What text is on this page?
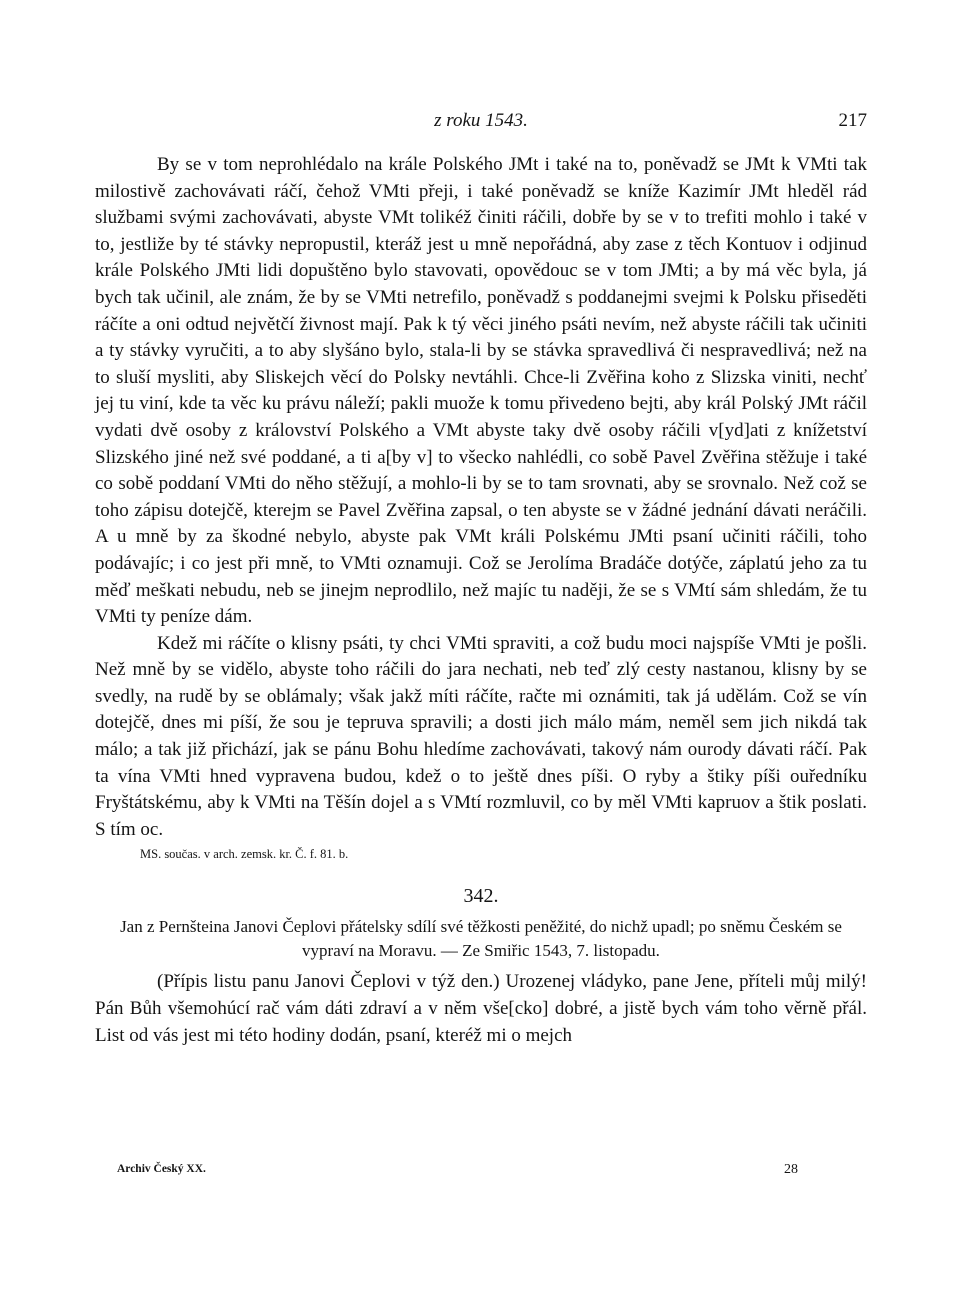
z roku 1543.	217

By se v tom neprohlédalo na krále Polského JMt i také na to, poněvadž se JMt k VMti tak milostivě zachovávati ráčí, čehož VMti přeji, i také poněvadž se kníže Kazimír JMt hleděl rád službami svými zachovávati, abyste VMt tolikéž činiti ráčili, dobře by se v to trefiti mohlo i také v to, jestliže by té stávky nepropustil, kteráž jest u mně nepořádná, aby zase z těch Kontuov i odjinud krále Polského JMti lidi dopuštěno bylo stavovati, opovědouc se v tom JMti; a by má věc byla, já bych tak učinil, ale znám, že by se VMti netrefilo, poněvadž s poddanejmi svejmi k Polsku přiseděti ráčíte a oni odtud největčí živnost mají. Pak k tý věci jiného psáti nevím, než abyste ráčili tak učiniti a ty stávky vyručiti, a to aby slyšáno bylo, stala-li by se stávka spravedlivá či nespravedlivá; než na to sluší mysliti, aby Sliskejch věcí do Polsky nevtáhli. Chce-li Zvěřina koho z Slizska viniti, nechť jej tu viní, kde ta věc ku právu náleží; pakli muože k tomu přivedeno bejti, aby král Polský JMt ráčil vydati dvě osoby z království Polského a VMt abyste taky dvě osoby ráčili v[yd]ati z knížetství Slizského jiné než své poddané, a ti a[by v] to všecko nahlédli, co sobě Pavel Zvěřina stěžuje i také co sobě poddaní VMti do něho stěžují, a mohlo-li by se to tam srovnati, aby se srovnalo. Než což se toho zápisu dotejčě, kterejm se Pavel Zvěřina zapsal, o ten abyste se v žádné jednání dávati neráčili. A u mně by za škodné nebylo, abyste pak VMt králi Polskému JMti psaní učiniti ráčili, toho podávajíc; i co jest při mně, to VMti oznamuji. Což se Jerolíma Bradáče dotýče, záplatú jeho za tu měď meškati nebudu, neb se jinejm neprodlilo, než majíc tu naději, že se s VMtí sám shledám, že tu VMti ty peníze dám.

Kdež mi ráčíte o klisny psáti, ty chci VMti spraviti, a což budu moci najspíše VMti je pošli. Než mně by se vidělo, abyste toho ráčili do jara nechati, neb teď zlý cesty nastanou, klisny by se svedly, na rudě by se oblámaly; však jakž míti ráčíte, račte mi oznámiti, tak já udělám. Což se vín dotejčě, dnes mi píší, že sou je tepruva spravili; a dosti jich málo mám, neměl sem jich nikdá tak málo; a tak již přichází, jak se pánu Bohu hledíme zachovávati, takový nám ourody dávati ráčí. Pak ta vína VMti hned vypravena budou, kdež o to ještě dnes píši. O ryby a štiky píši ouředníku Fryštátskému, aby k VMti na Těšín dojel a s VMtí rozmluvil, co by měl VMti kapruov a štik poslati. S tím oc.

MS. součas. v arch. zemsk. kr. Č. f. 81. b.

342.

Jan z Pernšteina Janovi Čeplovi přátelsky sdílí své těžkosti peněžité, do nichž upadl; po sněmu Českém se vypraví na Moravu. — Ze Smiřic 1543, 7. listopadu.

(Přípis listu panu Janovi Čeplovi v týž den.) Urozenej vládyko, pane Jene, příteli můj milý! Pán Bůh všemohúcí rač vám dáti zdraví a v něm vše[cko] dobré, a jistě bych vám toho věrně přál. List od vás jest mi této hodiny dodán, psaní, kteréž mi o mejch

Archiv Český XX.	28
